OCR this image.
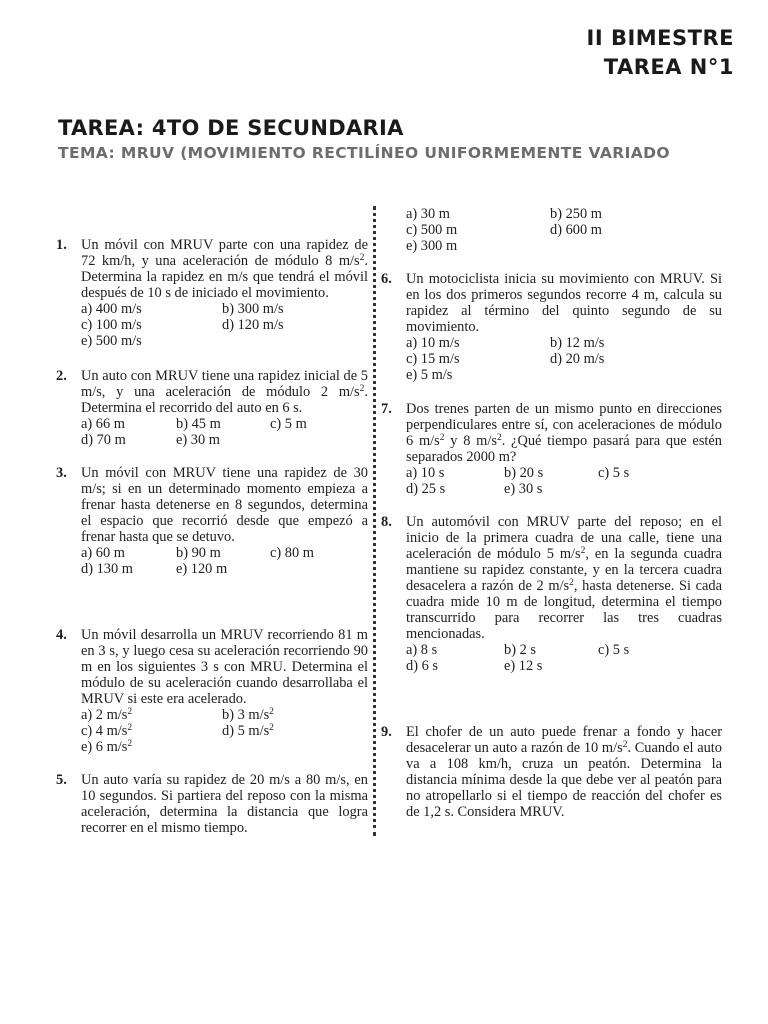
II BIMESTRE
TAREA N°1
TAREA: 4TO DE SECUNDARIA
TEMA: MRUV (MOVIMIENTO RECTILÍNEO UNIFORMEMENTE VARIADO
1. Un móvil con MRUV parte con una rapidez de 72 km/h, y una aceleración de módulo 8 $m/s^2$. Determina la rapidez en m/s que tendrá el móvil después de 10 s de iniciado el movimiento.
a) 400 m/s	b) 300 m/s
c) 100 m/s	d) 120 m/s
e) 500 m/s
2. Un auto con MRUV tiene una rapidez inicial de 5 m/s, y una aceleración de módulo 2 $m/s^2$. Determina el recorrido del auto en 6 s.
a) 66 m	b) 45 m	c) 5 m
d) 70 m	e) 30 m
3. Un móvil con MRUV tiene una rapidez de 30 m/s; si en un determinado momento empieza a frenar hasta detenerse en 8 segundos, determina el espacio que recorrió desde que empezó a frenar hasta que se detuvo.
a) 60 m	b) 90 m	c) 80 m
d) 130 m	e) 120 m
4. Un móvil desarrolla un MRUV recorriendo 81 m en 3 s, y luego cesa su aceleración recorriendo 90 m en los siguientes 3 s con MRU. Determina el módulo de su aceleración cuando desarrollaba el MRUV si este era acelerado.
a) 2 $m/s^2$	b) 3 $m/s^2$
c) 4 $m/s^2$	d) 5 $m/s^2$
e) 6 $m/s^2$
5. Un auto varía su rapidez de 20 m/s a 80 m/s, en 10 segundos. Si partiera del reposo con la misma aceleración, determina la distancia que logra recorrer en el mismo tiempo.
a) 30 m	b) 250 m
c) 500 m	d) 600 m
e) 300 m
6. Un motociclista inicia su movimiento con MRUV. Si en los dos primeros segundos recorre 4 m, calcula su rapidez al término del quinto segundo de su movimiento.
a) 10 m/s	b) 12 m/s
c) 15 m/s	d) 20 m/s
e) 5 m/s
7. Dos trenes parten de un mismo punto en direcciones perpendiculares entre sí, con aceleraciones de módulo 6 $m/s^2$ y 8 $m/s^2$. ¿Qué tiempo pasará para que estén separados 2000 m?
a) 10 s	b) 20 s	c) 5 s
d) 25 s	e) 30 s
8. Un automóvil con MRUV parte del reposo; en el inicio de la primera cuadra de una calle, tiene una aceleración de módulo 5 $m/s^2$, en la segunda cuadra mantiene su rapidez constante, y en la tercera cuadra desacelera a razón de 2 $m/s^2$, hasta detenerse. Si cada cuadra mide 10 m de longitud, determina el tiempo transcurrido para recorrer las tres cuadras mencionadas.
a) 8 s	b) 2 s	c) 5 s
d) 6 s	e) 12 s
9. El chofer de un auto puede frenar a fondo y hacer desacelerar un auto a razón de 10 $m/s^2$. Cuando el auto va a 108 km/h, cruza un peatón. Determina la distancia mínima desde la que debe ver al peatón para no atropellarlo si el tiempo de reacción del chofer es de 1,2 s. Considera MRUV.
